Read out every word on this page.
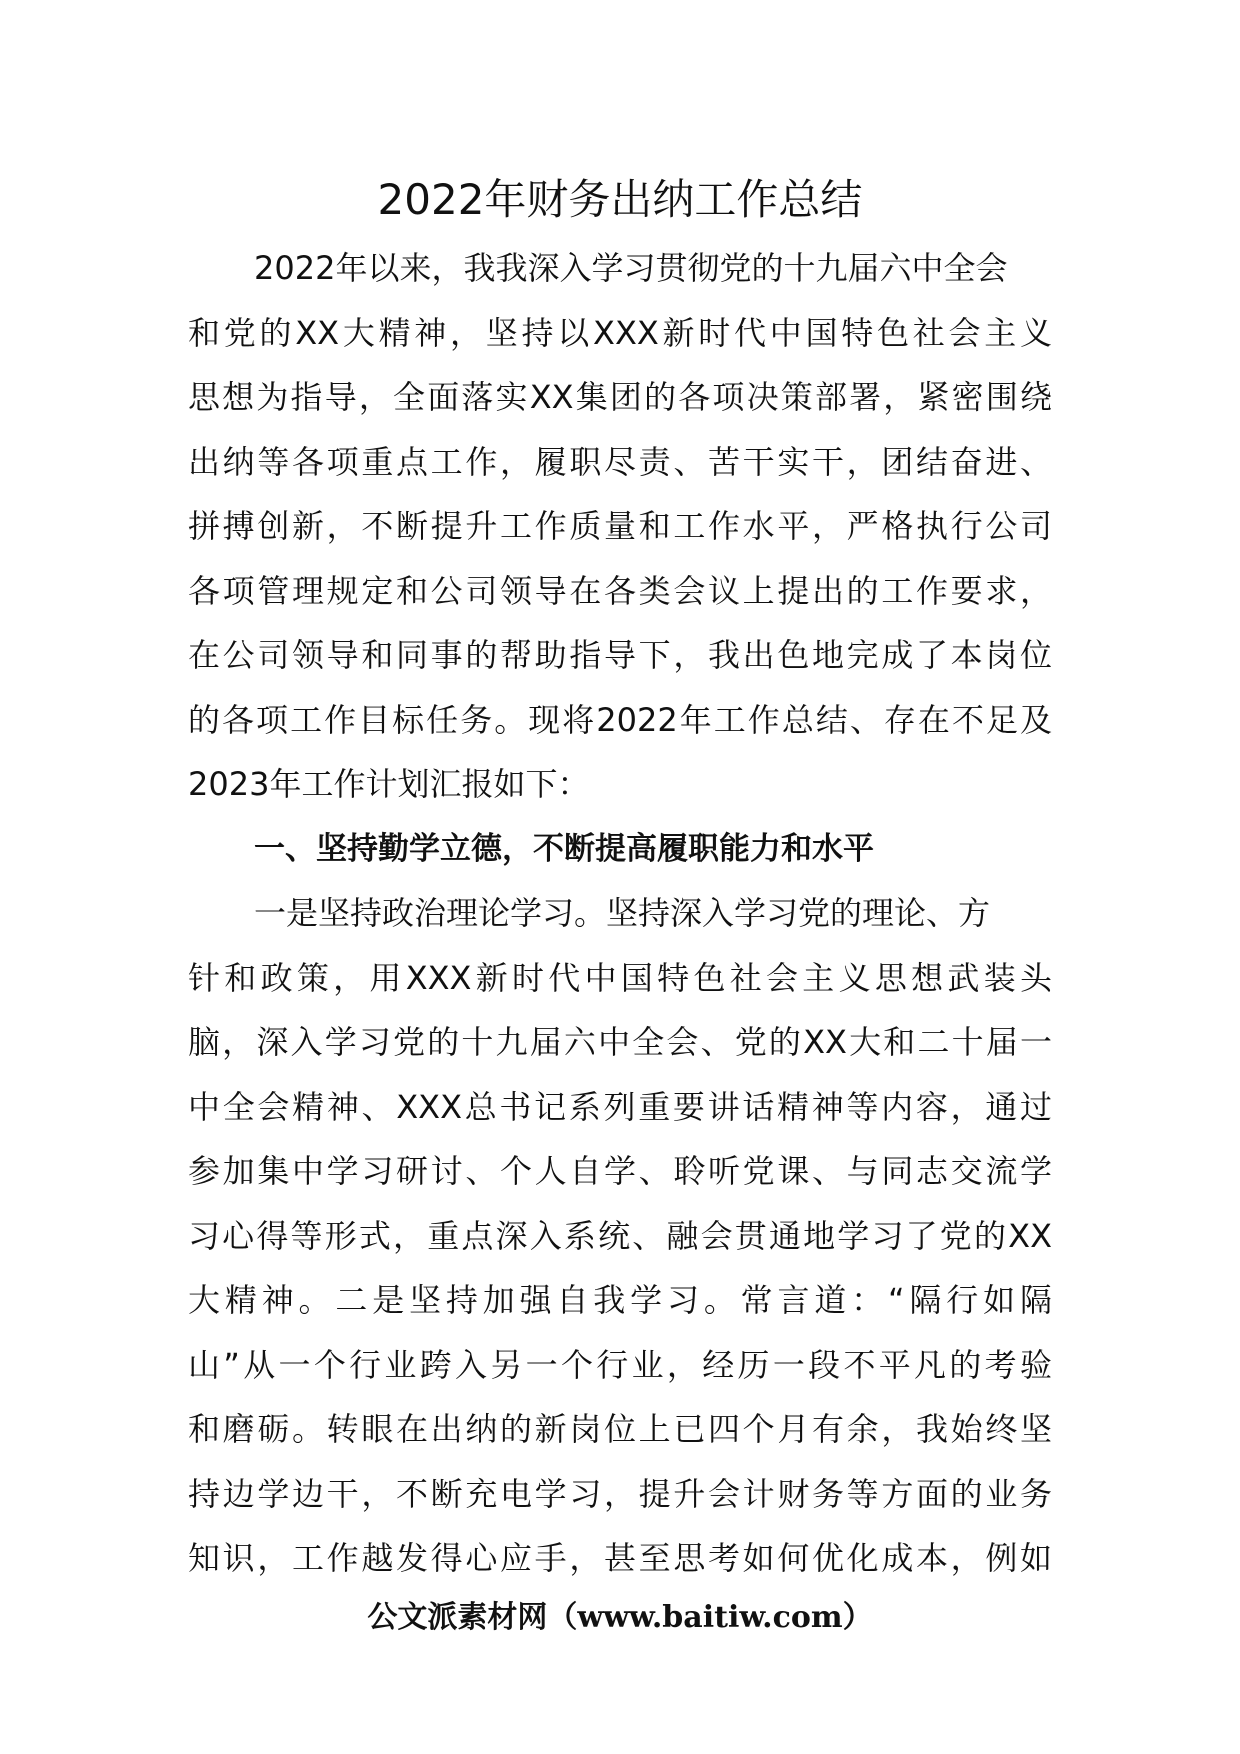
2022年财务出纳工作总结
2022年以来，我我深入学习贯彻党的十九届六中全会
和党的XX大精神，坚持以XXX新时代中国特色社会主义
思想为指导，全面落实XX集团的各项决策部署，紧密围绕
出纳等各项重点工作，履职尽责、苦干实干，团结奋进、
拼搏创新，不断提升工作质量和工作水平，严格执行公司
各项管理规定和公司领导在各类会议上提出的工作要求，
在公司领导和同事的帮助指导下，我出色地完成了本岗位
的各项工作目标任务。现将2022年工作总结、存在不足及
2023年工作计划汇报如下：
一、坚持勤学立德，不断提高履职能力和水平
一是坚持政治理论学习。坚持深入学习党的理论、方
针和政策，用XXX新时代中国特色社会主义思想武装头
脑，深入学习党的十九届六中全会、党的XX大和二十届一
中全会精神、XXX总书记系列重要讲话精神等内容，通过
参加集中学习研讨、个人自学、聆听党课、与同志交流学
习心得等形式，重点深入系统、融会贯通地学习了党的XX
大精神。二是坚持加强自我学习。常言道：“隔行如隔
山”从一个行业跨入另一个行业，经历一段不平凡的考验
和磨砺。转眼在出纳的新岗位上已四个月有余，我始终坚
持边学边干，不断充电学习，提升会计财务等方面的业务
知识，工作越发得心应手，甚至思考如何优化成本，例如
公文派素材网（www.baitiw.com）
